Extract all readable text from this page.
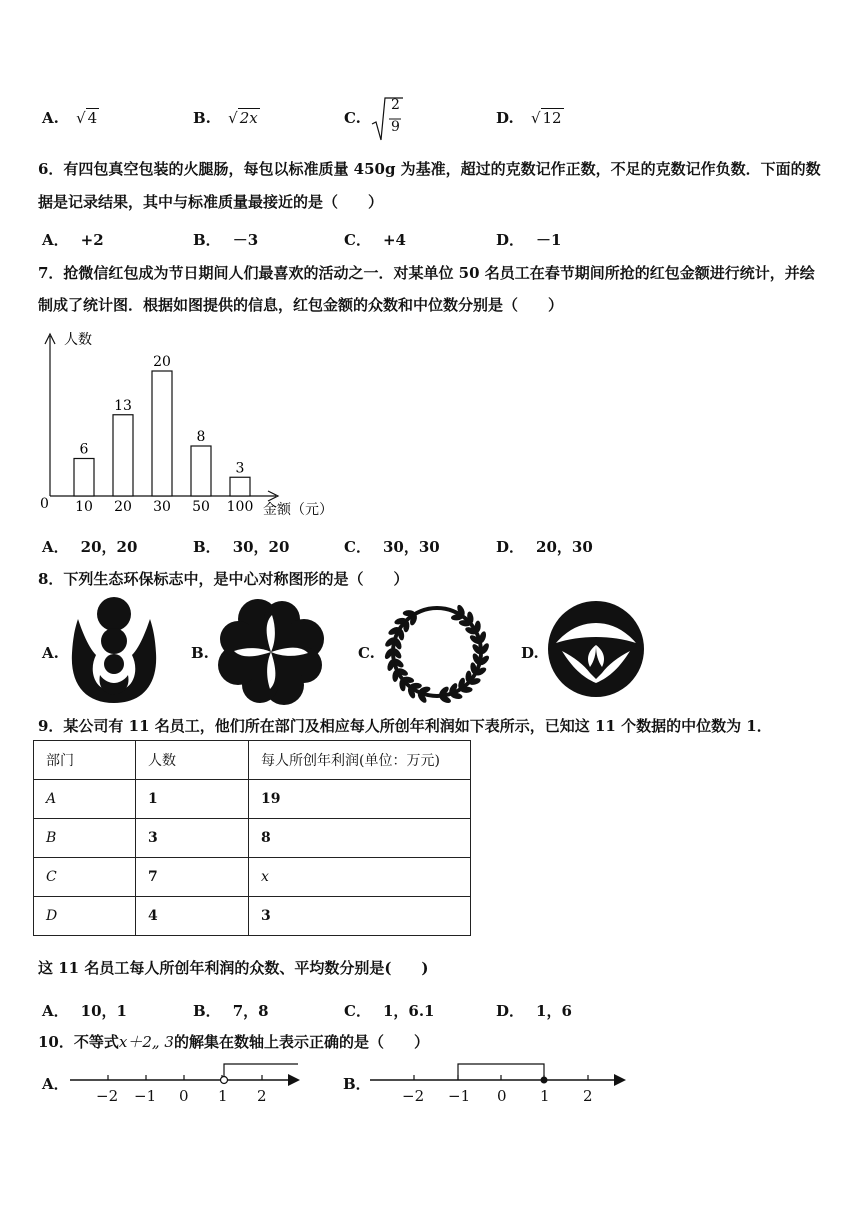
A. √ 4	B. √ 2x	C.
2
9	D. √ 12
6．有四包真空包装的火腿肠，每包以标准质量 450g 为基准，超过的克数记作正数，不足的克数记作负数．下面的数
据是记录结果，其中与标准质量最接近的是（　　）
A． +2	B． －3	C． +4	D． －1
7．抢微信红包成为节日期间人们最喜欢的活动之一．对某单位 50 名员工在春节期间所抢的红包金额进行统计，并绘
制成了统计图．根据如图提供的信息，红包金额的众数和中位数分别是（　　）
人数
金额（元）
0
6
10
13
20
20
30
8
50
3
100
A． 20，20	B． 30，20	C． 30，30	D． 20，30
8．下列生态环保标志中，是中心对称图形的是（　　）
A.	B.	C.	D.
9．某公司有 11 名员工，他们所在部门及相应每人所创年利润如下表所示，已知这 11 个数据的中位数为 1．
部门	人数	每人所创年利润(单位：万元)
A	1	19
B	3	8
C	7	x
D	4	3
这 11 名员工每人所创年利润的众数、平均数分别是(　　)
A． 10，1	B． 7，8	C． 1，6.1	D． 1，6
10．不等式x＋2„ 3的解集在数轴上表示正确的是（　　）
A．
−2 −1 0 1 2
B．
−2 −1 0 1 2
